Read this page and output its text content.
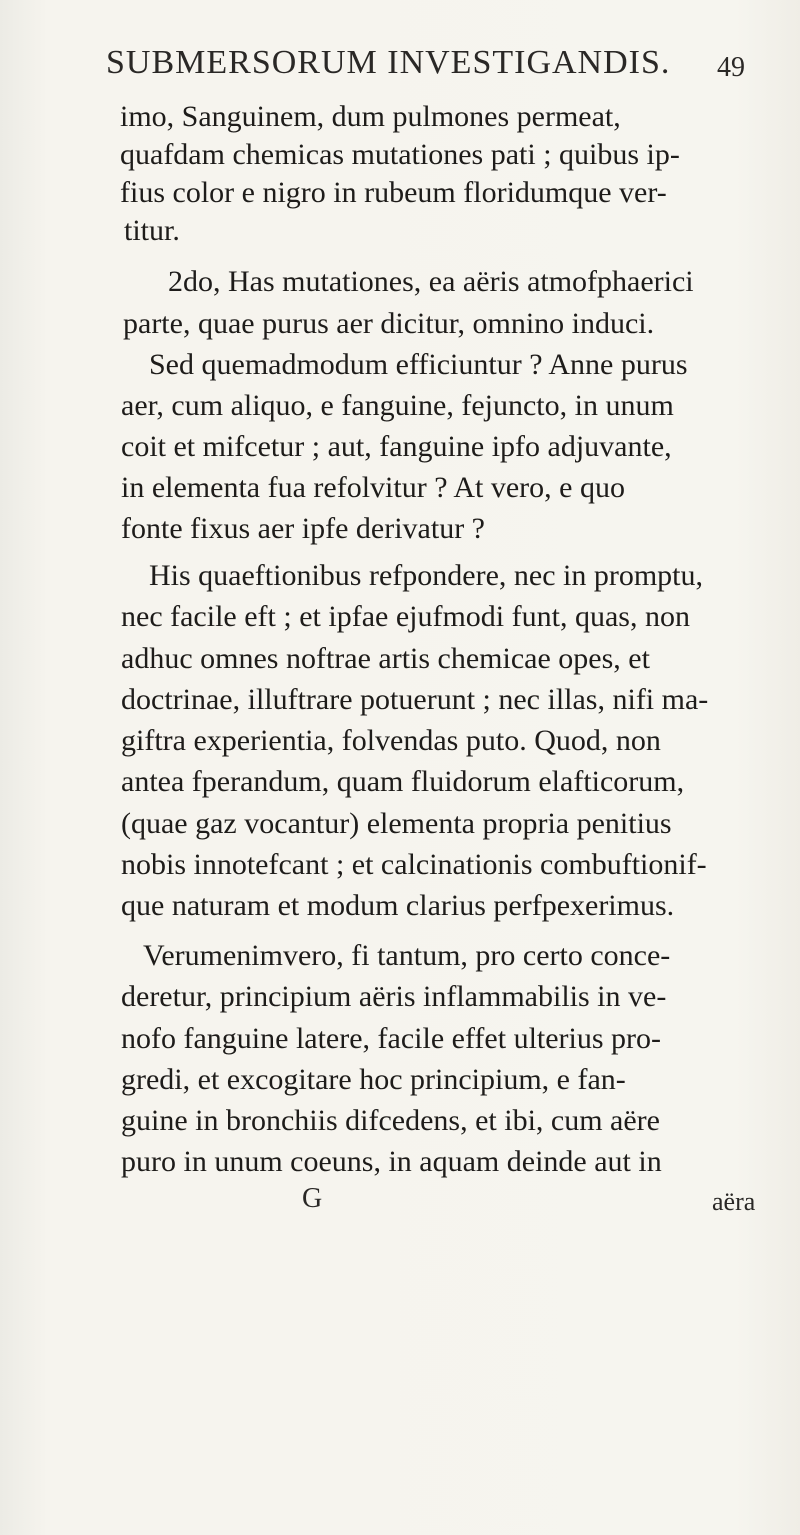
SUBMERSORUM INVESTIGANDIS. 49
imo, Sanguinem, dum pulmones permeat,
quafdam chemicas mutationes pati ; quibus ip-
fius color e nigro in rubeum floridumque ver-
titur.
2do, Has mutationes, ea aëris atmofphaerici
parte, quae purus aer dicitur, omnino induci.
Sed quemadmodum efficiuntur ? Anne purus
aer, cum aliquo, e fanguine, fejuncto, in unum
coit et mifcetur ; aut, fanguine ipfo adjuvante,
in elementa fua refolvitur ? At vero, e quo
fonte fixus aer ipfe derivatur ?
His quaeftionibus refpondere, nec in promptu,
nec facile eft ; et ipfae ejufmodi funt, quas, non
adhuc omnes noftrae artis chemicae opes, et
doctrinae, illuftrare potuerunt ; nec illas, nifi ma-
giftra experientia, folvendas puto. Quod, non
antea fperandum, quam fluidorum elafticorum,
(quae gaz vocantur) elementa propria penitius
nobis innotefcant ; et calcinationis combuftionif-
que naturam et modum clarius perfpexerimus.
Verumenimvero, fi tantum, pro certo conce-
deretur, principium aëris inflammabilis in ve-
nofo fanguine latere, facile effet ulterius pro-
gredi, et excogitare hoc principium, e fan-
guine in bronchiis difcedens, et ibi, cum aëre
puro in unum coeuns, in aquam deinde aut in
G	aëra
